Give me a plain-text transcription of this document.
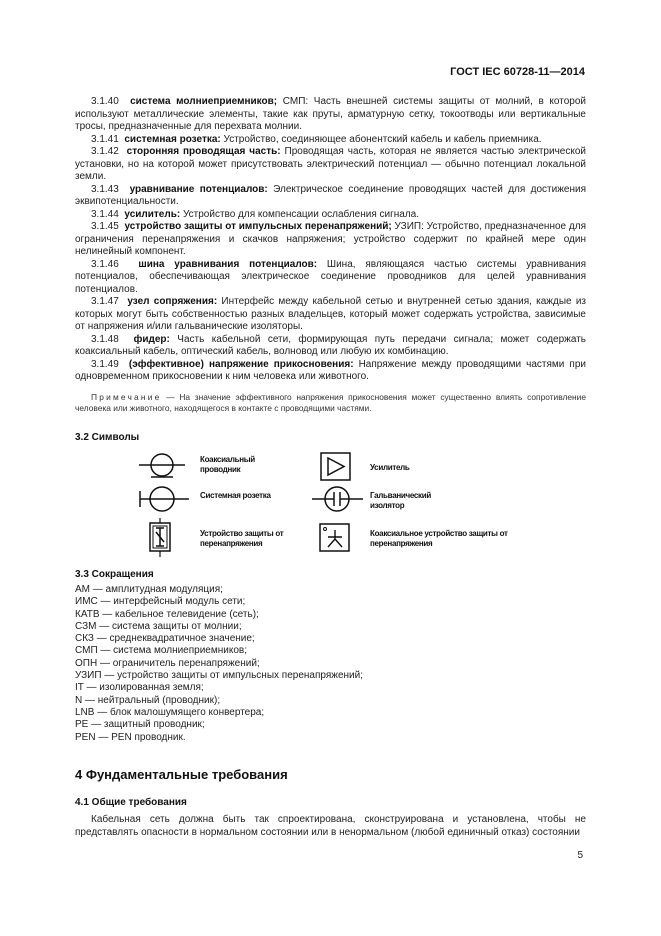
ГОСТ IEC 60728-11—2014

3.1.40 система молниеприемников; СМП: Часть внешней системы защиты от молний, в которой используют металлические элементы, такие как пруты, арматурную сетку, токоотводы или вертикальные тросы, предназначенные для перехвата молнии.

3.1.41 системная розетка: Устройство, соединяющее абонентский кабель и кабель приемника.

3.1.42 сторонняя проводящая часть: Проводящая часть, которая не является частью электрической установки, но на которой может присутствовать электрический потенциал — обычно потенциал локальной земли.

3.1.43 уравнивание потенциалов: Электрическое соединение проводящих частей для достижения эквипотенциальности.

3.1.44 усилитель: Устройство для компенсации ослабления сигнала.

3.1.45 устройство защиты от импульсных перенапряжений; УЗИП: Устройство, предназначенное для ограничения перенапряжения и скачков напряжения; устройство содержит по крайней мере один нелинейный компонент.

3.1.46 шина уравнивания потенциалов: Шина, являющаяся частью системы уравнивания потенциалов, обеспечивающая электрическое соединение проводников для целей уравнивания потенциалов.

3.1.47 узел сопряжения: Интерфейс между кабельной сетью и внутренней сетью здания, каждые из которых могут быть собственностью разных владельцев, который может содержать устройства, зависимые от напряжения и/или гальванические изоляторы.

3.1.48 фидер: Часть кабельной сети, формирующая путь передачи сигнала; может содержать коаксиальный кабель, оптический кабель, волновод или любую их комбинацию.

3.1.49 (эффективное) напряжение прикосновения: Напряжение между проводящими частями при одновременном прикосновении к ним человека или животного.

Примечание — На значение эффективного напряжения прикосновения может существенно влиять сопротивление человека или животного, находящегося в контакте с проводящими частями.
3.2 Символы
Коаксиальный проводник	Усилитель
Системная розетка	Гальванический изолятор
Устройство защиты от перенапряжения
Коаксиальное устройство защиты от перенапряжения
3.3 Сокращения
АМ — амплитудная модуляция;
ИМС — интерфейсный модуль сети;
КАТВ — кабельное телевидение (сеть);
СЗМ — система защиты от молнии;
СКЗ — среднеквадратичное значение;
СМП — система молниеприемников;
ОПН — ограничитель перенапряжений;
УЗИП — устройство защиты от импульсных перенапряжений;
IT — изолированная земля;
N — нейтральный (проводник);
LNB — блок малошумящего конвертера;
PE — защитный проводник;
PEN — PEN проводник.
4 Фундаментальные требования
4.1 Общие требования

Кабельная сеть должна быть так спроектирована, сконструирована и установлена, чтобы не представлять опасности в нормальном состоянии или в ненормальном (любой единичный отказ) состоянии

5
